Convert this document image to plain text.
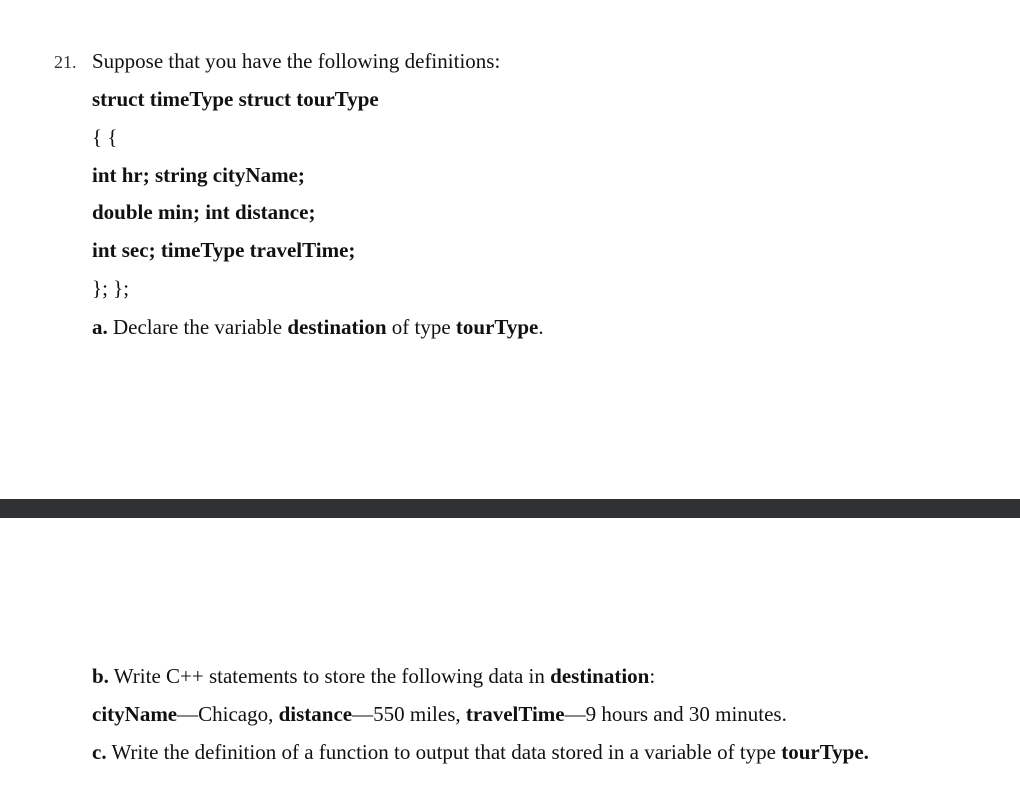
21. Suppose that you have the following definitions:
struct timeType struct tourType
{ {
int hr; string cityName;
double min; int distance;
int sec; timeType travelTime;
}; };
a. Declare the variable destination of type tourType.
b. Write C++ statements to store the following data in destination:
cityName—Chicago, distance—550 miles, travelTime—9 hours and 30 minutes.
c. Write the definition of a function to output that data stored in a variable of type tourType.
